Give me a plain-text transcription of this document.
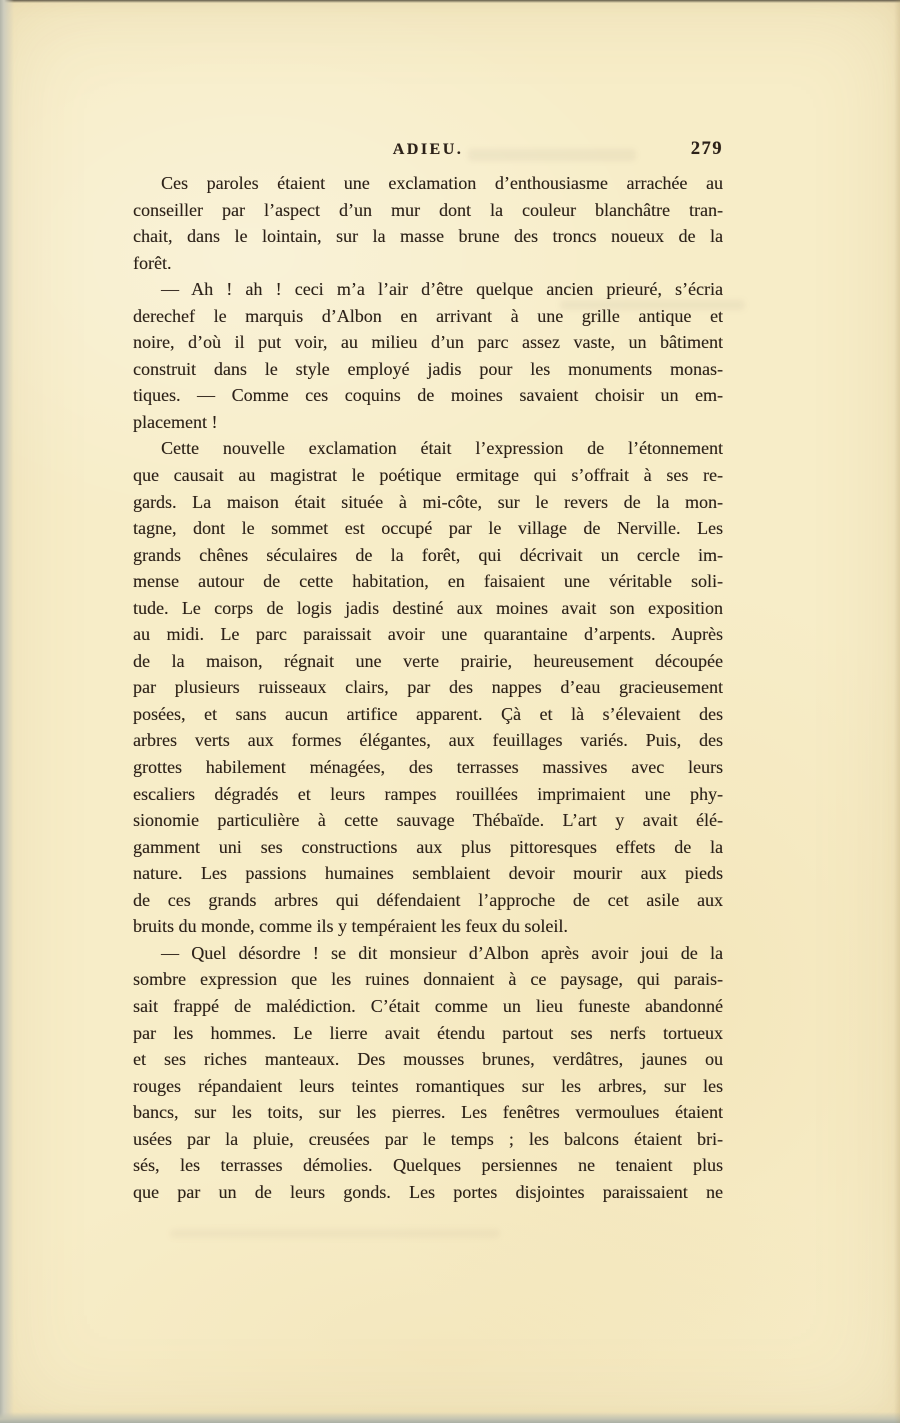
ADIEU.	279
Ces paroles étaient une exclamation d’enthousiasme arrachée au
conseiller par l’aspect d’un mur dont la couleur blanchâtre tran-
chait, dans le lointain, sur la masse brune des troncs noueux de la
forêt.
— Ah ! ah ! ceci m’a l’air d’être quelque ancien prieuré, s’écria
derechef le marquis d’Albon en arrivant à une grille antique et
noire, d’où il put voir, au milieu d’un parc assez vaste, un bâtiment
construit dans le style employé jadis pour les monuments monas-
tiques. — Comme ces coquins de moines savaient choisir un em-
placement !
Cette nouvelle exclamation était l’expression de l’étonnement
que causait au magistrat le poétique ermitage qui s’offrait à ses re-
gards. La maison était située à mi-côte, sur le revers de la mon-
tagne, dont le sommet est occupé par le village de Nerville. Les
grands chênes séculaires de la forêt, qui décrivait un cercle im-
mense autour de cette habitation, en faisaient une véritable soli-
tude. Le corps de logis jadis destiné aux moines avait son exposition
au midi. Le parc paraissait avoir une quarantaine d’arpents. Auprès
de la maison, régnait une verte prairie, heureusement découpée
par plusieurs ruisseaux clairs, par des nappes d’eau gracieusement
posées, et sans aucun artifice apparent. Çà et là s’élevaient des
arbres verts aux formes élégantes, aux feuillages variés. Puis, des
grottes habilement ménagées, des terrasses massives avec leurs
escaliers dégradés et leurs rampes rouillées imprimaient une phy-
sionomie particulière à cette sauvage Thébaïde. L’art y avait élé-
gamment uni ses constructions aux plus pittoresques effets de la
nature. Les passions humaines semblaient devoir mourir aux pieds
de ces grands arbres qui défendaient l’approche de cet asile aux
bruits du monde, comme ils y tempéraient les feux du soleil.
— Quel désordre ! se dit monsieur d’Albon après avoir joui de la
sombre expression que les ruines donnaient à ce paysage, qui parais-
sait frappé de malédiction. C’était comme un lieu funeste abandonné
par les hommes. Le lierre avait étendu partout ses nerfs tortueux
et ses riches manteaux. Des mousses brunes, verdâtres, jaunes ou
rouges répandaient leurs teintes romantiques sur les arbres, sur les
bancs, sur les toits, sur les pierres. Les fenêtres vermoulues étaient
usées par la pluie, creusées par le temps ; les balcons étaient bri-
sés, les terrasses démolies. Quelques persiennes ne tenaient plus
que par un de leurs gonds. Les portes disjointes paraissaient ne
